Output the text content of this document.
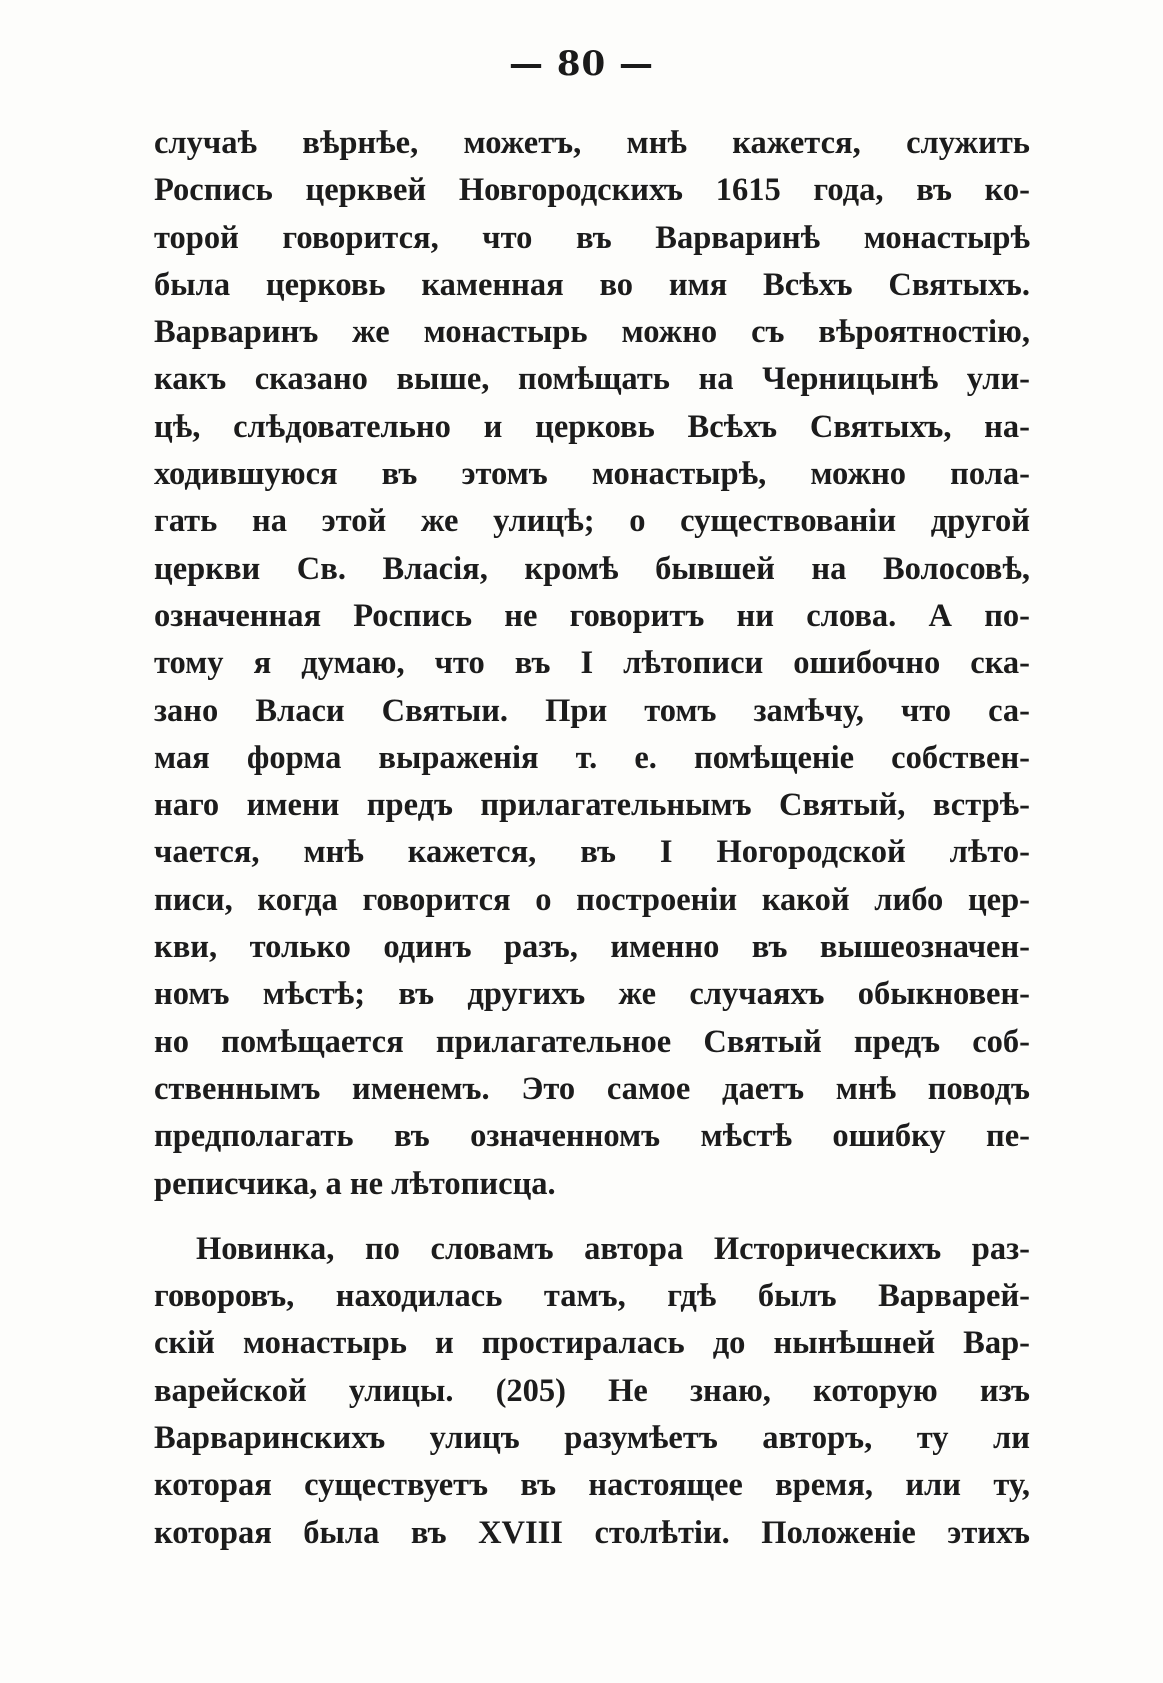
— 80 —

случаѣ вѣрнѣе, можетъ, мнѣ кажется, служить
Роспись церквей Новгородскихъ 1615 года, въ ко-
торой говорится, что въ Варваринѣ монастырѣ
была церковь каменная во имя Всѣхъ Святыхъ.
Варваринъ же монастырь можно съ вѣроятностію,
какъ сказано выше, помѣщать на Черницынѣ ули-
цѣ, слѣдовательно и церковь Всѣхъ Святыхъ, на-
ходившуюся въ этомъ монастырѣ, можно пола-
гать на этой же улицѣ; о существованіи другой
церкви Св. Власія, кромѣ бывшей на Волосовѣ,
означенная Роспись не говоритъ ни слова. А по-
тому я думаю, что въ I лѣтописи ошибочно ска-
зано Власи Святыи. При томъ замѣчу, что са-
мая форма выраженія т. е. помѣщеніе собствен-
наго имени предъ прилагательнымъ Святый, встрѣ-
чается, мнѣ кажется, въ I Ногородской лѣто-
писи, когда говорится о построеніи какой либо цер-
кви, только одинъ разъ, именно въ вышеозначен-
номъ мѣстѣ; въ другихъ же случаяхъ обыкновен-
но помѣщается прилагательное Святый предъ соб-
ственнымъ именемъ. Это самое даетъ мнѣ поводъ
предполагать въ означенномъ мѣстѣ ошибку пе-
реписчика, а не лѣтописца.

Новинка, по словамъ автора Историческихъ раз-
говоровъ, находилась тамъ, гдѣ былъ Варварей-
скій монастырь и простиралась до нынѣшней Вар-
варейской улицы. (205) Не знаю, которую изъ
Варваринскихъ улицъ разумѣетъ авторъ, ту ли
которая существуетъ въ настоящее время, или ту,
которая была въ XVIII столѣтіи. Положеніе этихъ
